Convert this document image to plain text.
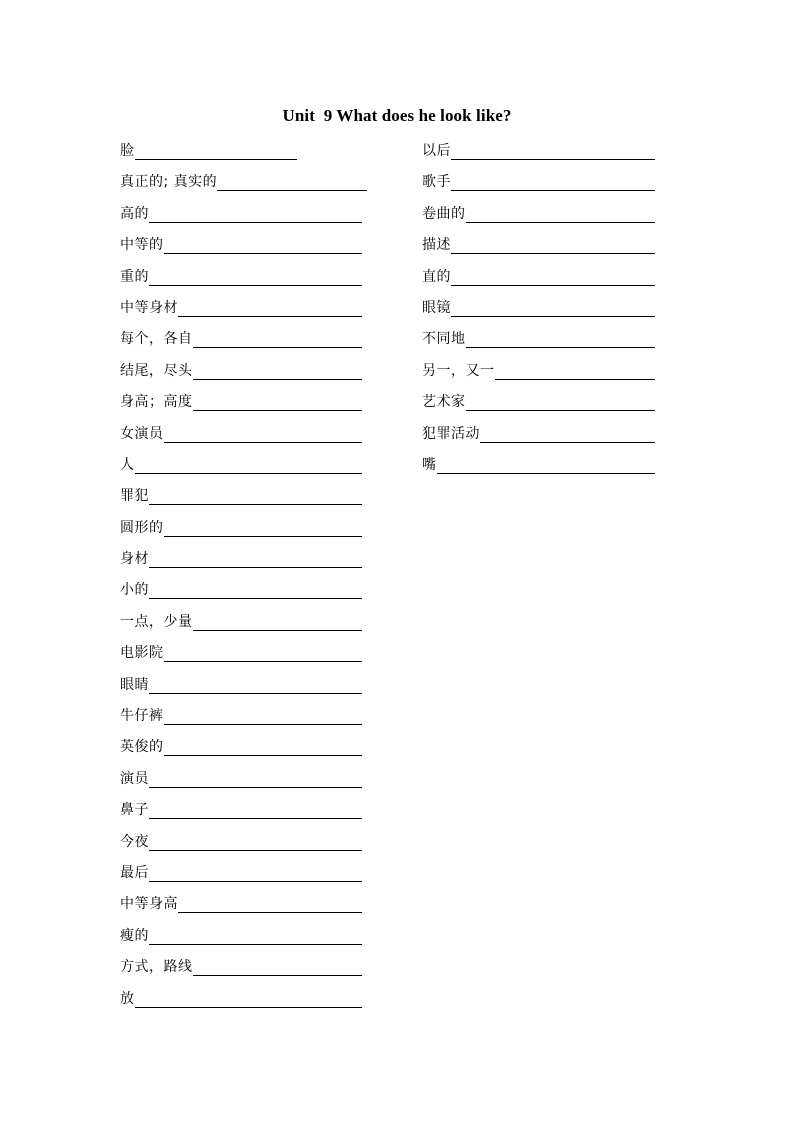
Unit  9 What does he look like?
脸
真正的; 真实的
高的
中等的
重的
中等身材
每个，各自
结尾，尽头
身高；高度
女演员
人
罪犯
圆形的
身材
小的
一点，少量
电影院
眼睛
牛仔裤
英俊的
演员
鼻子
今夜
最后
中等身高
瘦的
方式，路线
放
以后
歌手
卷曲的
描述
直的
眼镜
不同地
另一，又一
艺术家
犯罪活动
嘴
